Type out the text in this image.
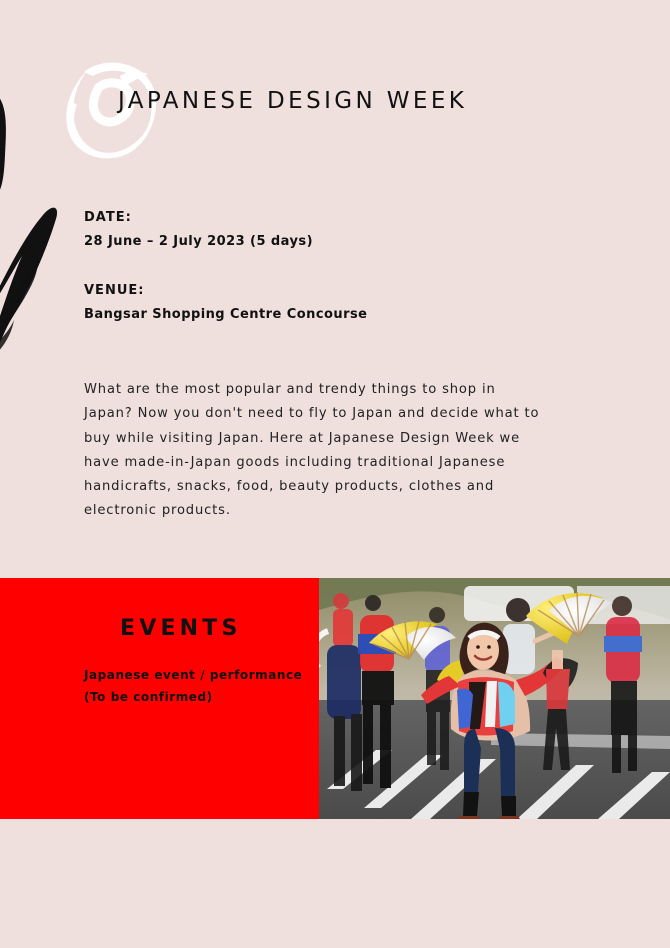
JAPANESE DESIGN WEEK
DATE:
28 June – 2 July 2023 (5 days)
VENUE:
Bangsar Shopping Centre Concourse
What are the most popular and trendy things to shop in
Japan? Now you don't need to fly to Japan and decide what to
buy while visiting Japan. Here at Japanese Design Week we
have made-in-Japan goods including traditional Japanese
handicrafts, snacks, food, beauty products, clothes and
electronic products.
EVENTS
Japanese event / performance
(To be confirmed)
